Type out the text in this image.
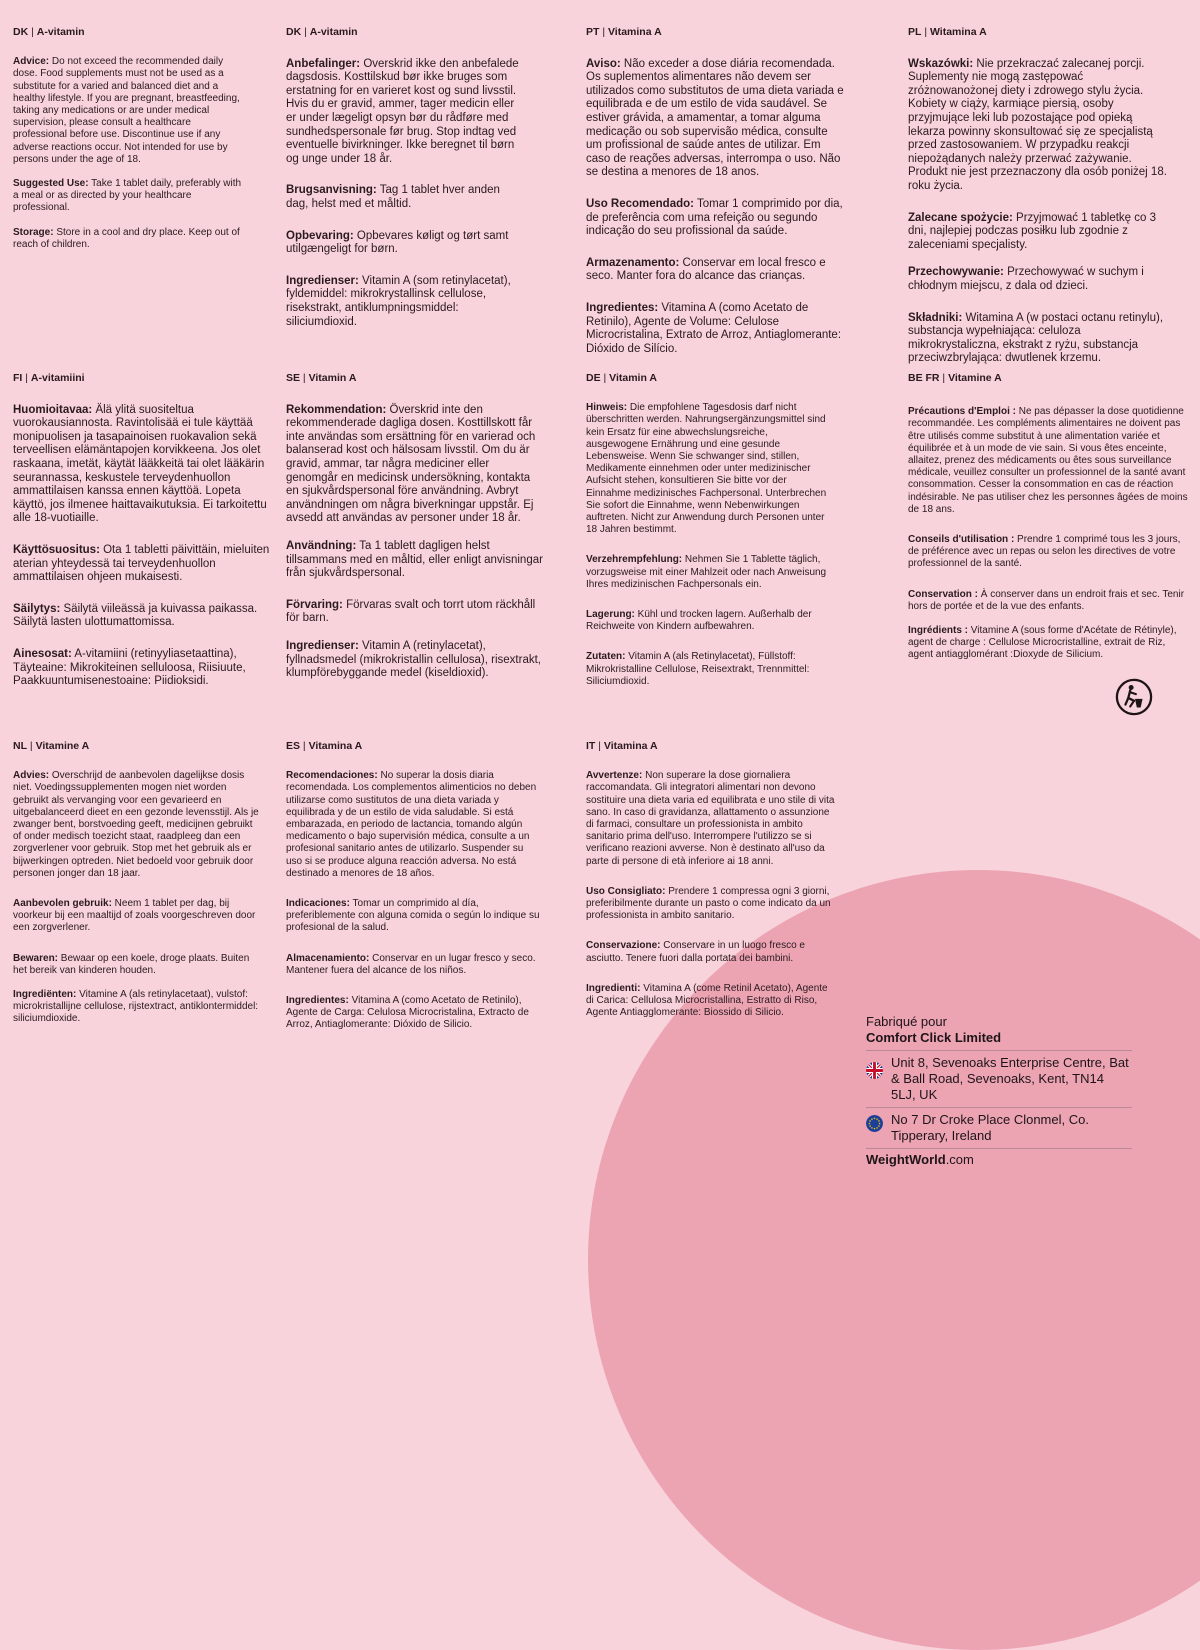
DK | A-vitamin

Advice: Do not exceed the recommended daily dose. Food supplements must not be used as a substitute for a varied and balanced diet and a healthy lifestyle. If you are pregnant, breastfeeding, taking any medications or are under medical supervision, please consult a healthcare professional before use. Discontinue use if any adverse reactions occur. Not intended for use by persons under the age of 18.

Suggested Use: Take 1 tablet daily, preferably with a meal or as directed by your healthcare professional.

Storage: Store in a cool and dry place. Keep out of reach of children.

DK | A-vitamin

Anbefalinger: Overskrid ikke den anbefalede dagsdosis. Kosttilskud bør ikke bruges som erstatning for en varieret kost og sund livsstil. Hvis du er gravid, ammer, tager medicin eller er under lægeligt opsyn bør du rådføre med sundhedspersonale før brug. Stop indtag ved eventuelle bivirkninger. Ikke beregnet til børn og unge under 18 år.

Brugsanvisning: Tag 1 tablet hver anden dag, helst med et måltid.

Opbevaring: Opbevares køligt og tørt samt utilgængeligt for børn.

Ingredienser: Vitamin A (som retinylacetat), fyldemiddel: mikrokrystallinsk cellulose, risekstrakt, antiklumpningsmiddel: siliciumdioxid.

PT | Vitamina A

Aviso: Não exceder a dose diária recomendada. Os suplementos alimentares não devem ser utilizados como substitutos de uma dieta variada e equilibrada e de um estilo de vida saudável. Se estiver grávida, a amamentar, a tomar alguma medicação ou sob supervisão médica, consulte um profissional de saúde antes de utilizar. Em caso de reações adversas, interrompa o uso. Não se destina a menores de 18 anos.

Uso Recomendado: Tomar 1 comprimido por dia, de preferência com uma refeição ou segundo indicação do seu profissional da saúde.

Armazenamento: Conservar em local fresco e seco. Manter fora do alcance das crianças.

Ingredientes: Vitamina A (como Acetato de Retinilo), Agente de Volume: Celulose Microcristalina, Extrato de Arroz, Antiaglomerante: Dióxido de Silício.

PL | Witamina A

Wskazówki: Nie przekraczać zalecanej porcji. Suplementy nie mogą zastępować zróżnowanożonej diety i zdrowego stylu życia. Kobiety w ciąży, karmiące piersią, osoby przyjmujące leki lub pozostające pod opieką lekarza powinny skonsultować się ze specjalistą przed zastosowaniem. W przypadku reakcji niepożądanych należy przerwać zażywanie. Produkt nie jest przeznaczony dla osób poniżej 18. roku życia.

Zalecane spożycie: Przyjmować 1 tabletkę co 3 dni, najlepiej podczas posiłku lub zgodnie z zaleceniami specjalisty.

Przechowywanie: Przechowywać w suchym i chłodnym miejscu, z dala od dzieci.

Składniki: Witamina A (w postaci octanu retinylu), substancja wypełniająca: celuloza mikrokrystaliczna, ekstrakt z ryżu, substancja przeciwzbrylająca: dwutlenek krzemu.

FI | A-vitamiini

Huomioitavaa: Älä ylitä suositeltua vuorokausiannosta. Ravintolisää ei tule käyttää monipuolisen ja tasapainoisen ruokavalion sekä terveellisen elämäntapojen korvikkeena. Jos olet raskaana, imetät, käytät lääkkeitä tai olet lääkärin seurannassa, keskustele terveydenhuollon ammattilaisen kanssa ennen käyttöä. Lopeta käyttö, jos ilmenee haittavaikutuksia. Ei tarkoitettu alle 18-vuotiaille.

Käyttösuositus: Ota 1 tabletti päivittäin, mieluiten aterian yhteydessä tai terveydenhuollon ammattilaisen ohjeen mukaisesti.

Säilytys: Säilytä viileässä ja kuivassa paikassa. Säilytä lasten ulottumattomissa.

Ainesosat: A-vitamiini (retinyyliasetaattina), Täyteaine: Mikrokiteinen selluloosa, Riisiuute, Paakkuuntumisenestoaine: Piidioksidi.

SE | Vitamin A

Rekommendation: Överskrid inte den rekommenderade dagliga dosen. Kosttillskott får inte användas som ersättning för en varierad och balanserad kost och hälsosam livsstil. Om du är gravid, ammar, tar några mediciner eller genomgår en medicinsk undersökning, kontakta en sjukvårdspersonal före användning. Avbryt användningen om några biverkningar uppstår. Ej avsedd att användas av personer under 18 år.

Användning: Ta 1 tablett dagligen helst tillsammans med en måltid, eller enligt anvisningar från sjukvårdspersonal.

Förvaring: Förvaras svalt och torrt utom räckhåll för barn.

Ingredienser: Vitamin A (retinylacetat), fyllnadsmedel (mikrokristallin cellulosa), risextrakt, klumpförebyggande medel (kiseldioxid).

DE | Vitamin A

Hinweis: Die empfohlene Tagesdosis darf nicht überschritten werden. Nahrungsergänzungsmittel sind kein Ersatz für eine abwechslungsreiche, ausgewogene Ernährung und eine gesunde Lebensweise. Wenn Sie schwanger sind, stillen, Medikamente einnehmen oder unter medizinischer Aufsicht stehen, konsultieren Sie bitte vor der Einnahme medizinisches Fachpersonal. Unterbrechen Sie sofort die Einnahme, wenn Nebenwirkungen auftreten. Nicht zur Anwendung durch Personen unter 18 Jahren bestimmt.

Verzehrempfehlung: Nehmen Sie 1 Tablette täglich, vorzugsweise mit einer Mahlzeit oder nach Anweisung Ihres medizinischen Fachpersonals ein.

Lagerung: Kühl und trocken lagern. Außerhalb der Reichweite von Kindern aufbewahren.

Zutaten: Vitamin A (als Retinylacetat), Füllstoff: Mikrokristalline Cellulose, Reisextrakt, Trennmittel: Siliciumdioxid.

BE FR | Vitamine A

Précautions d'Emploi : Ne pas dépasser la dose quotidienne recommandée. Les compléments alimentaires ne doivent pas être utilisés comme substitut à une alimentation variée et équilibrée et à un mode de vie sain. Si vous êtes enceinte, allaitez, prenez des médicaments ou êtes sous surveillance médicale, veuillez consulter un professionnel de la santé avant consommation. Cesser la consommation en cas de réaction indésirable. Ne pas utiliser chez les personnes âgées de moins de 18 ans.

Conseils d'utilisation : Prendre 1 comprimé tous les 3 jours, de préférence avec un repas ou selon les directives de votre professionnel de la santé.

Conservation : À conserver dans un endroit frais et sec. Tenir hors de portée et de la vue des enfants.

Ingrédients : Vitamine A (sous forme d'Acétate de Rétinyle), agent de charge : Cellulose Microcristalline, extrait de Riz, agent antiagglomérant :Dioxyde de Silicium.

NL | Vitamine A

Advies: Overschrijd de aanbevolen dagelijkse dosis niet. Voedingssupplementen mogen niet worden gebruikt als vervanging voor een gevarieerd en uitgebalanceerd dieet en een gezonde levensstijl. Als je zwanger bent, borstvoeding geeft, medicijnen gebruikt of onder medisch toezicht staat, raadpleeg dan een zorgverlener voor gebruik. Stop met het gebruik als er bijwerkingen optreden. Niet bedoeld voor gebruik door personen jonger dan 18 jaar.

Aanbevolen gebruik: Neem 1 tablet per dag, bij voorkeur bij een maaltijd of zoals voorgeschreven door een zorgverlener.

Bewaren: Bewaar op een koele, droge plaats. Buiten het bereik van kinderen houden.

Ingrediënten: Vitamine A (als retinylacetaat), vulstof: microkristallijne cellulose, rijstextract, antiklontermiddel: siliciumdioxide.

ES | Vitamina A

Recomendaciones: No superar la dosis diaria recomendada. Los complementos alimenticios no deben utilizarse como sustitutos de una dieta variada y equilibrada y de un estilo de vida saludable. Si está embarazada, en periodo de lactancia, tomando algún medicamento o bajo supervisión médica, consulte a un profesional sanitario antes de utilizarlo. Suspender su uso si se produce alguna reacción adversa. No está destinado a menores de 18 años.

Indicaciones: Tomar un comprimido al día, preferiblemente con alguna comida o según lo indique su profesional de la salud.

Almacenamiento: Conservar en un lugar fresco y seco. Mantener fuera del alcance de los niños.

Ingredientes: Vitamina A (como Acetato de Retinilo), Agente de Carga: Celulosa Microcristalina, Extracto de Arroz, Antiaglomerante: Dióxido de Silicio.

IT | Vitamina A

Avvertenze: Non superare la dose giornaliera raccomandata. Gli integratori alimentari non devono sostituire una dieta varia ed equilibrata e uno stile di vita sano. In caso di gravidanza, allattamento o assunzione di farmaci, consultare un professionista in ambito sanitario prima dell'uso. Interrompere l'utilizzo se si verificano reazioni avverse. Non è destinato all'uso da parte di persone di età inferiore ai 18 anni.

Uso Consigliato: Prendere 1 compressa ogni 3 giorni, preferibilmente durante un pasto o come indicato da un professionista in ambito sanitario.

Conservazione: Conservare in un luogo fresco e asciutto. Tenere fuori dalla portata dei bambini.

Ingredienti: Vitamina A (come Retinil Acetato), Agente di Carica: Cellulosa Microcristallina, Estratto di Riso, Agente Antiagglomerante: Biossido di Silicio.

Fabriqué pour
Comfort Click Limited
Unit 8, Sevenoaks Enterprise Centre, Bat & Ball Road, Sevenoaks, Kent, TN14 5LJ, UK
No 7 Dr Croke Place Clonmel, Co. Tipperary, Ireland
WeightWorld.com
